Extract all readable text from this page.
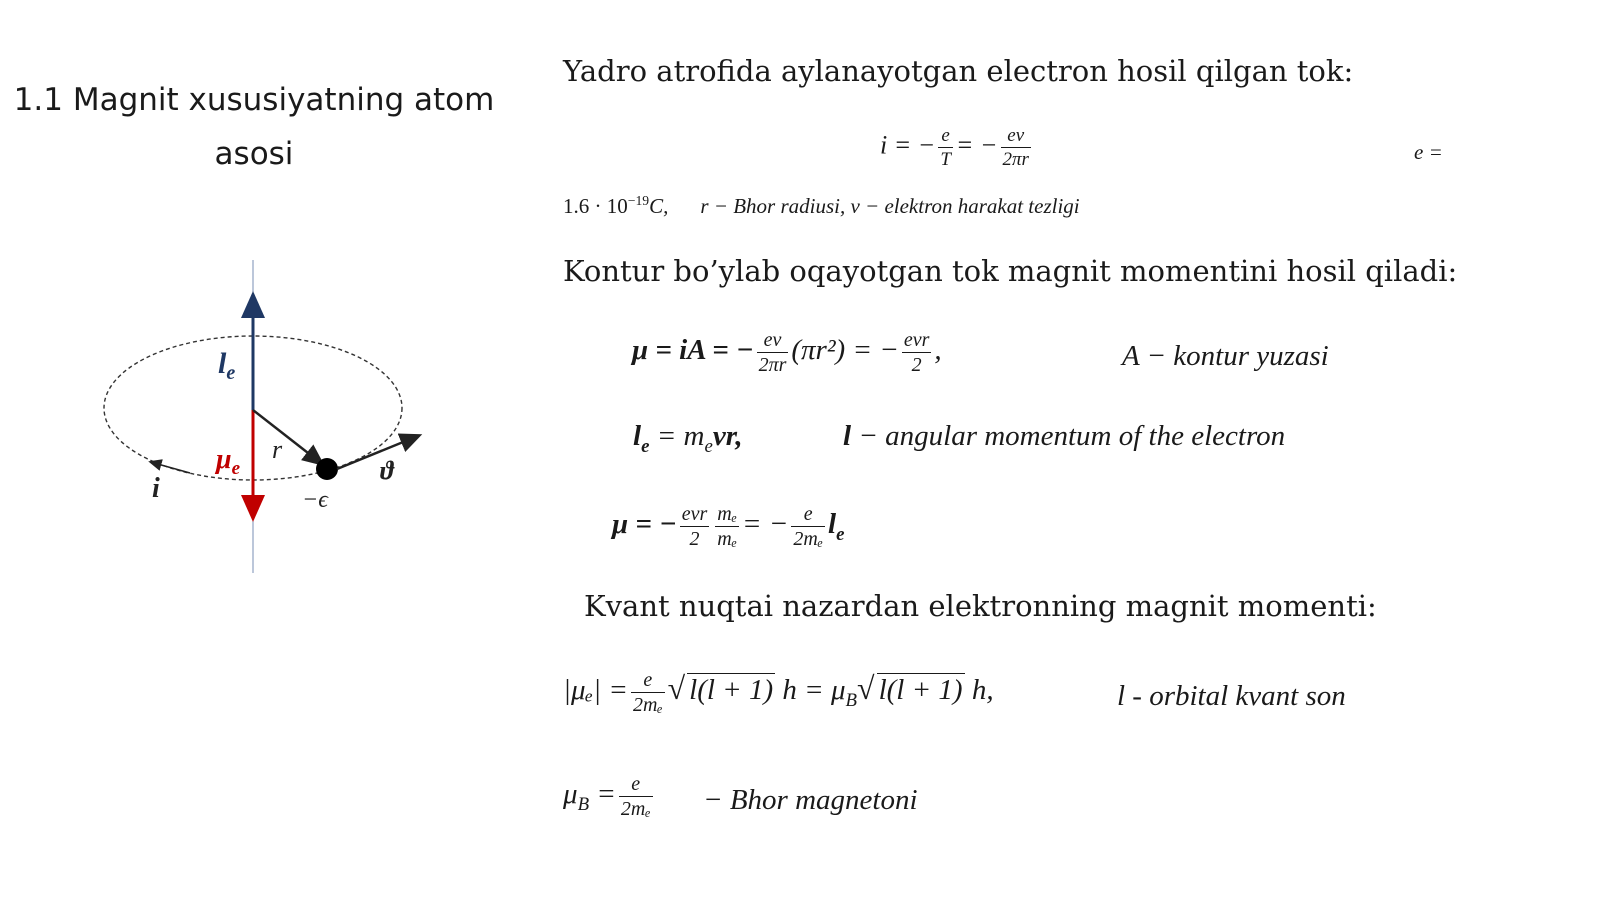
1.1 Magnit xususiyatning atom
asosi
$l_e$
$\mu_e$
r
i	−ϵ
ϑ
Yadro atrofida aylanayotgan electron hosil qilgan tok:
i = − $\frac{e}{T}$ = − $\frac{ev}{2\pi r}$	e =
$1.6 \cdot 10^{-19}C$, r − Bhor radiusi, v − elektron harakat tezligi
Kontur bo’ylab oqayotgan tok magnit momentini hosil qiladi:
μ = iA = − $\frac{ev}{2\pi r} (\pi r^2)$ = − $\frac{\text{evr}}{2}$ ,	A − kontur yuzasi
$l_e = m_evr$,	l − angular momentum of the electron
μ = − $\frac{\text{evr}}{2} \frac{\text{mₑ}}{\text{mₑ}}$ = − $\frac{e}{\text{2mₑ}} l_e$
Kvant nuqtai nazardan elektronning magnit momenti:
$|\mu_e| = \frac{e}{\text{2mₑ}}$ √ l(l + 1) $h = \mu_B√$ l(l + 1) h,	l - orbital kvant son
$\mu_B = \frac{e}{\text{2mₑ}}$ − Bhor magnetoni
